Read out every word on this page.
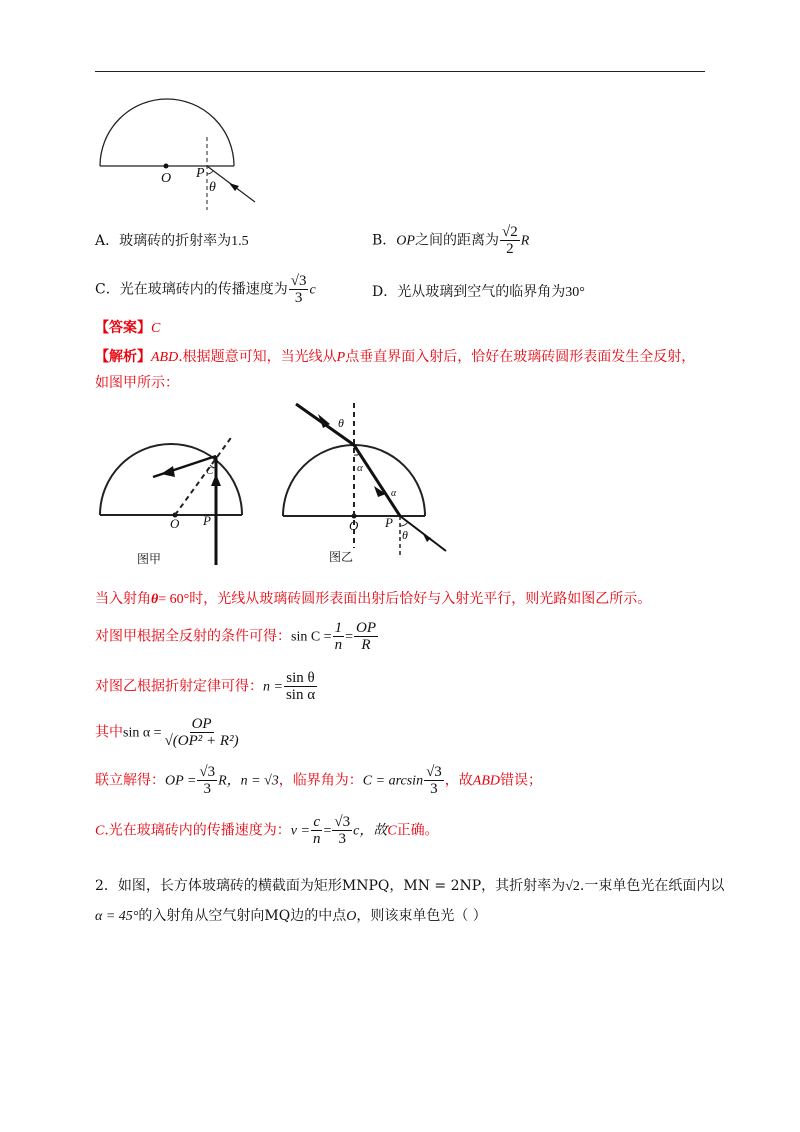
O P
θ
A．玻璃砖的折射率为1.5	B．OP之间的距离为 $\frac{√2}{2}$ R
C．光在玻璃砖内的传播速度为 $\frac{√3}{3}$ c	D．光从玻璃到空气的临界角为30°
【答案】C
【解析】ABD.根据题意可知，当光线从P点垂直界面入射后，恰好在玻璃砖圆形表面发生全反射，
如图甲所示：
O P
C
图甲
θ
α
α
O P
θ
图乙
当入射角θ= 60°时，光线从玻璃砖圆形表面出射后恰好与入射光平行，则光路如图乙所示。
对图甲根据全反射的条件可得：$\sin C = \frac{1}{n} = \frac{OP}{R}$
对图乙根据折射定律可得：$n = \frac{\text{sin θ}}{\text{sin α}}$
其中$\sin \alpha = \frac{OP}{\text{√(OP² + R²)}}$
联立解得：OP = $\frac{√3}{3}$ R，n = √3，临界角为：$C = \arcsin \frac{√3}{3}$ ，故ABD错误；
C.光在玻璃砖内的传播速度为：$v = \frac{c}{n} = \frac{√3}{3}$ c，故C正确。
2．如图，长方体玻璃砖的横截面为矩形MNPQ，MN = 2NP，其折射率为√2.一束单色光在纸面内以
α = 45°的入射角从空气射向MQ边的中点O，则该束单色光（ ）
